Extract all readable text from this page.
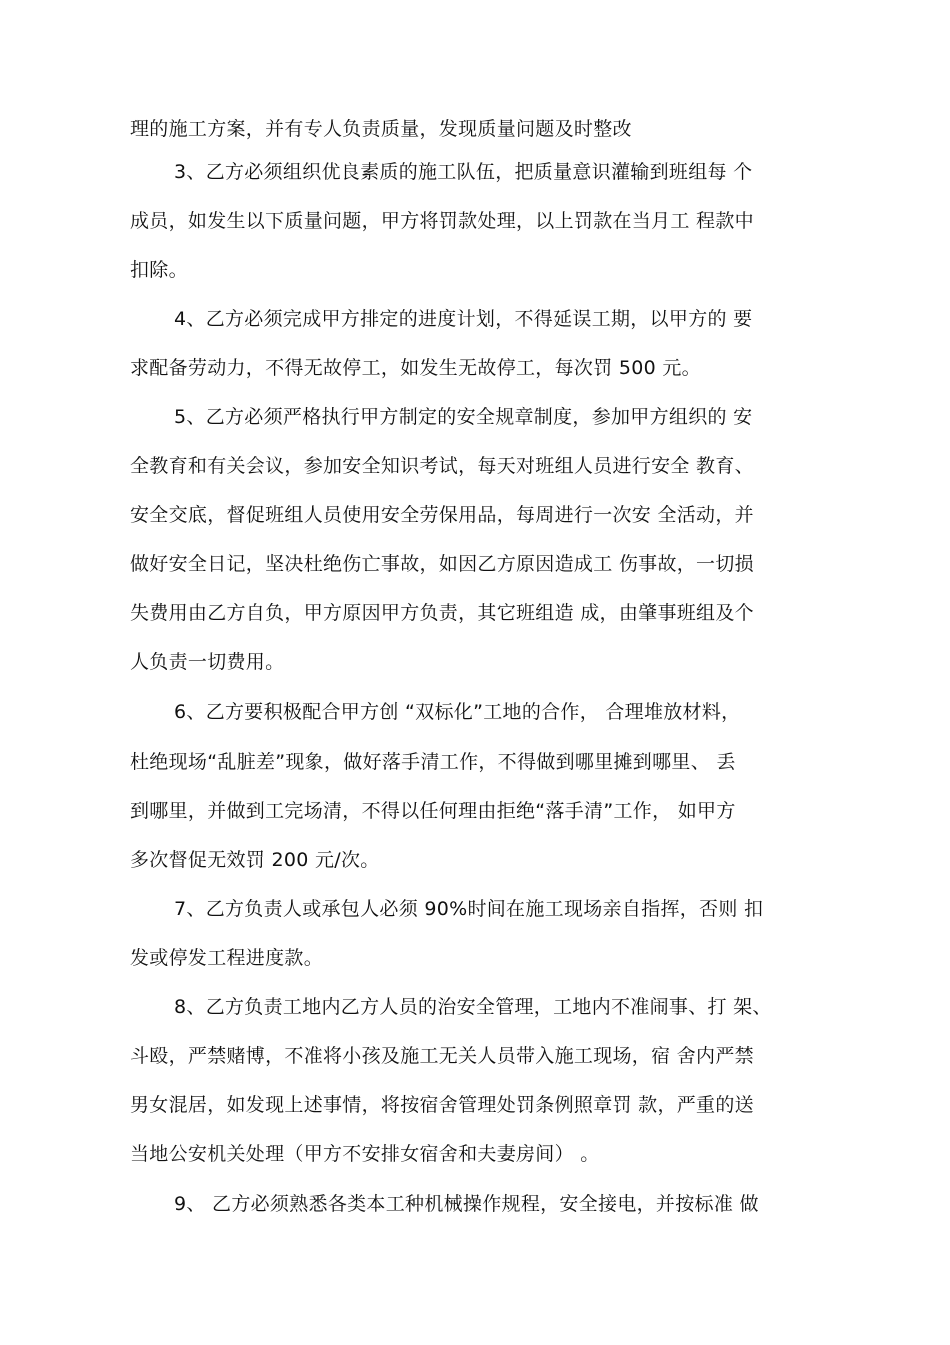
理的施工方案，并有专人负责质量，发现质量问题及时整改
3、乙方必须组织优良素质的施工队伍，把质量意识灌输到班组每 个
成员，如发生以下质量问题，甲方将罚款处理，以上罚款在当月工 程款中
扣除。
4、乙方必须完成甲方排定的进度计划，不得延误工期，以甲方的 要
求配备劳动力，不得无故停工，如发生无故停工，每次罚 500 元。
5、乙方必须严格执行甲方制定的安全规章制度，参加甲方组织的 安
全教育和有关会议，参加安全知识考试，每天对班组人员进行安全 教育、
安全交底，督促班组人员使用安全劳保用品，每周进行一次安 全活动，并
做好安全日记，坚决杜绝伤亡事故，如因乙方原因造成工 伤事故，一切损
失费用由乙方自负，甲方原因甲方负责，其它班组造 成，由肇事班组及个
人负责一切费用。
6、乙方要积极配合甲方创 “双标化”工地的合作， 合理堆放材料，
杜绝现场“乱脏差”现象，做好落手清工作，不得做到哪里摊到哪里、 丢
到哪里，并做到工完场清，不得以任何理由拒绝“落手清”工作， 如甲方
多次督促无效罚 200 元/次。
7、乙方负责人或承包人必须 90%时间在施工现场亲自指挥，否则 扣
发或停发工程进度款。
8、乙方负责工地内乙方人员的治安全管理，工地内不准闹事、打 架、
斗殴，严禁赌博，不准将小孩及施工无关人员带入施工现场，宿 舍内严禁
男女混居，如发现上述事情，将按宿舍管理处罚条例照章罚 款，严重的送
当地公安机关处理（甲方不安排女宿舍和夫妻房间） 。
9、 乙方必须熟悉各类本工种机械操作规程，安全接电，并按标准 做
